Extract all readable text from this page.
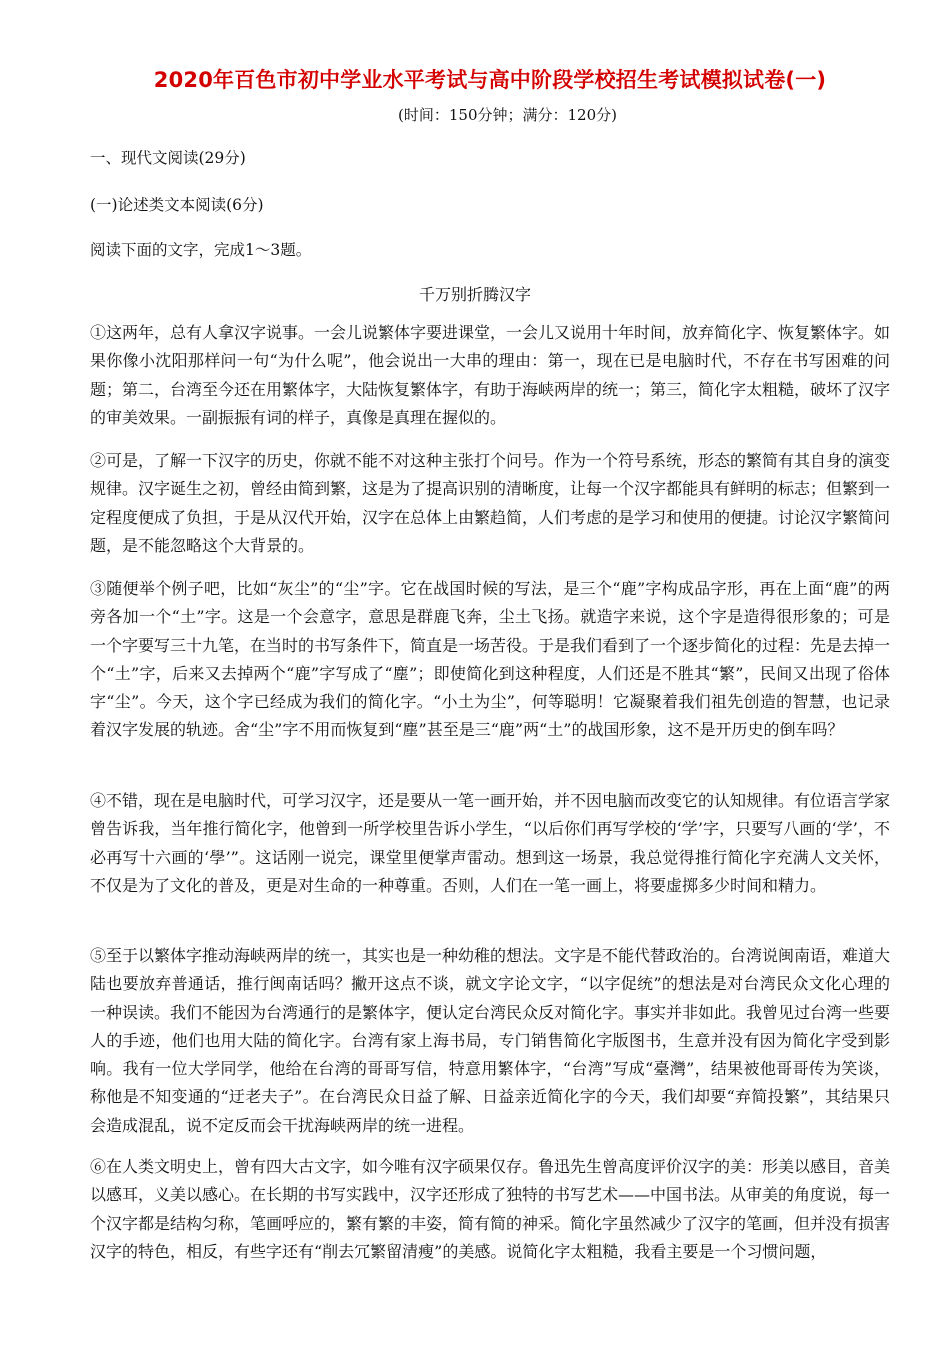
2020年百色市初中学业水平考试与高中阶段学校招生考试模拟试卷(一)
(时间：150分钟；满分：120分)
一、现代文阅读(29分)
(一)论述类文本阅读(6分)
阅读下面的文字，完成1～3题。
千万别折腾汉字
①这两年，总有人拿汉字说事。一会儿说繁体字要进课堂，一会儿又说用十年时间，放弃简化字、恢复繁体字。如果你像小沈阳那样问一句“为什么呢”，他会说出一大串的理由：第一，现在已是电脑时代，不存在书写困难的问题；第二，台湾至今还在用繁体字，大陆恢复繁体字，有助于海峡两岸的统一；第三，简化字太粗糙，破坏了汉字的审美效果。一副振振有词的样子，真像是真理在握似的。
②可是，了解一下汉字的历史，你就不能不对这种主张打个问号。作为一个符号系统，形态的繁简有其自身的演变规律。汉字诞生之初，曾经由简到繁，这是为了提高识别的清晰度，让每一个汉字都能具有鲜明的标志；但繁到一定程度便成了负担，于是从汉代开始，汉字在总体上由繁趋简，人们考虑的是学习和使用的便捷。讨论汉字繁简问题，是不能忽略这个大背景的。
③随便举个例子吧，比如“灰尘”的“尘”字。它在战国时候的写法，是三个“鹿”字构成品字形，再在上面“鹿”的两旁各加一个“土”字。这是一个会意字，意思是群鹿飞奔，尘土飞扬。就造字来说，这个字是造得很形象的；可是一个字要写三十九笔，在当时的书写条件下，简直是一场苦役。于是我们看到了一个逐步简化的过程：先是去掉一个“土”字，后来又去掉两个“鹿”字写成了“塵”；即使简化到这种程度，人们还是不胜其“繁”，民间又出现了俗体字“尘”。今天，这个字已经成为我们的简化字。“小土为尘”，何等聪明！它凝聚着我们祖先创造的智慧，也记录着汉字发展的轨迹。舍“尘”字不用而恢复到“塵”甚至是三“鹿”两“土”的战国形象，这不是开历史的倒车吗？
④不错，现在是电脑时代，可学习汉字，还是要从一笔一画开始，并不因电脑而改变它的认知规律。有位语言学家曾告诉我，当年推行简化字，他曾到一所学校里告诉小学生，“以后你们再写学校的‘学’字，只要写八画的‘学’，不必再写十六画的‘學’”。这话刚一说完，课堂里便掌声雷动。想到这一场景，我总觉得推行简化字充满人文关怀，不仅是为了文化的普及，更是对生命的一种尊重。否则，人们在一笔一画上，将要虚掷多少时间和精力。
⑤至于以繁体字推动海峡两岸的统一，其实也是一种幼稚的想法。文字是不能代替政治的。台湾说闽南语，难道大陆也要放弃普通话，推行闽南话吗？撇开这点不谈，就文字论文字，“以字促统”的想法是对台湾民众文化心理的一种误读。我们不能因为台湾通行的是繁体字，便认定台湾民众反对简化字。事实并非如此。我曾见过台湾一些要人的手迹，他们也用大陆的简化字。台湾有家上海书局，专门销售简化字版图书，生意并没有因为简化字受到影响。我有一位大学同学，他给在台湾的哥哥写信，特意用繁体字，“台湾”写成“臺灣”，结果被他哥哥传为笑谈，称他是不知变通的“迂老夫子”。在台湾民众日益了解、日益亲近简化字的今天，我们却要“弃简投繁”，其结果只会造成混乱，说不定反而会干扰海峡两岸的统一进程。
⑥在人类文明史上，曾有四大古文字，如今唯有汉字硕果仅存。鲁迅先生曾高度评价汉字的美：形美以感目，音美以感耳，义美以感心。在长期的书写实践中，汉字还形成了独特的书写艺术——中国书法。从审美的角度说，每一个汉字都是结构匀称，笔画呼应的，繁有繁的丰姿，简有简的神采。简化字虽然减少了汉字的笔画，但并没有损害汉字的特色，相反，有些字还有“削去冗繁留清瘦”的美感。说简化字太粗糙，我看主要是一个习惯问题，
